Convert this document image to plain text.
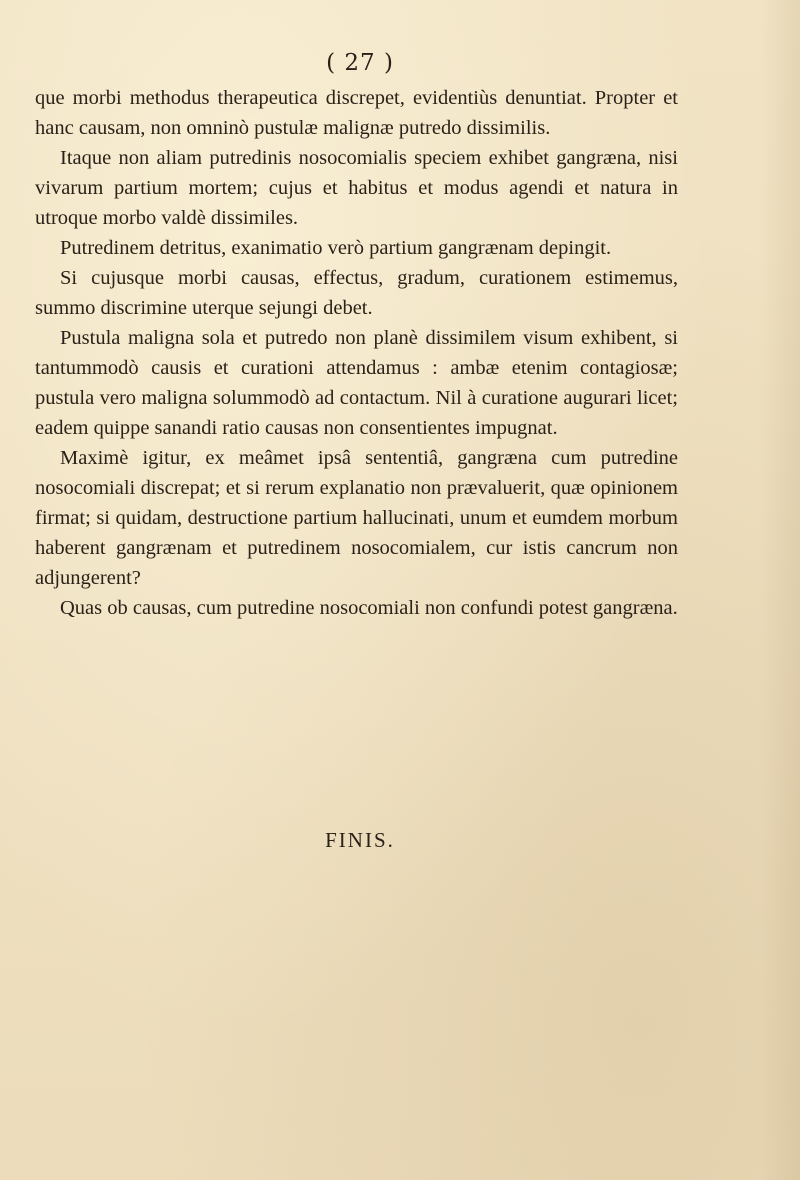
( 27 )

que morbi methodus therapeutica discrepet, evidentiùs denuntiat. Propter et hanc causam, non omninò pustulæ malignæ putredo dissimilis.

Itaque non aliam putredinis nosocomialis speciem exhibet gangræna, nisi vivarum partium mortem; cujus et habitus et modus agendi et natura in utroque morbo valdè dissimiles.

Putredinem detritus, exanimatio verò partium gangrænam depingit.

Si cujusque morbi causas, effectus, gradum, curationem estimemus, summo discrimine uterque sejungi debet.

Pustula maligna sola et putredo non planè dissimilem visum exhibent, si tantummodò causis et curationi attendamus : ambæ etenim contagiosæ; pustula vero maligna solummodò ad contactum. Nil à curatione augurari licet; eadem quippe sanandi ratio causas non consentientes impugnat.

Maximè igitur, ex meâmet ipsâ sententiâ, gangræna cum putredine nosocomiali discrepat; et si rerum explanatio non prævaluerit, quæ opinionem firmat; si quidam, destructione partium hallucinati, unum et eumdem morbum haberent gangrænam et putredinem nosocomialem, cur istis cancrum non adjungerent?

Quas ob causas, cum putredine nosocomiali non confundi potest gangræna.

FINIS.
